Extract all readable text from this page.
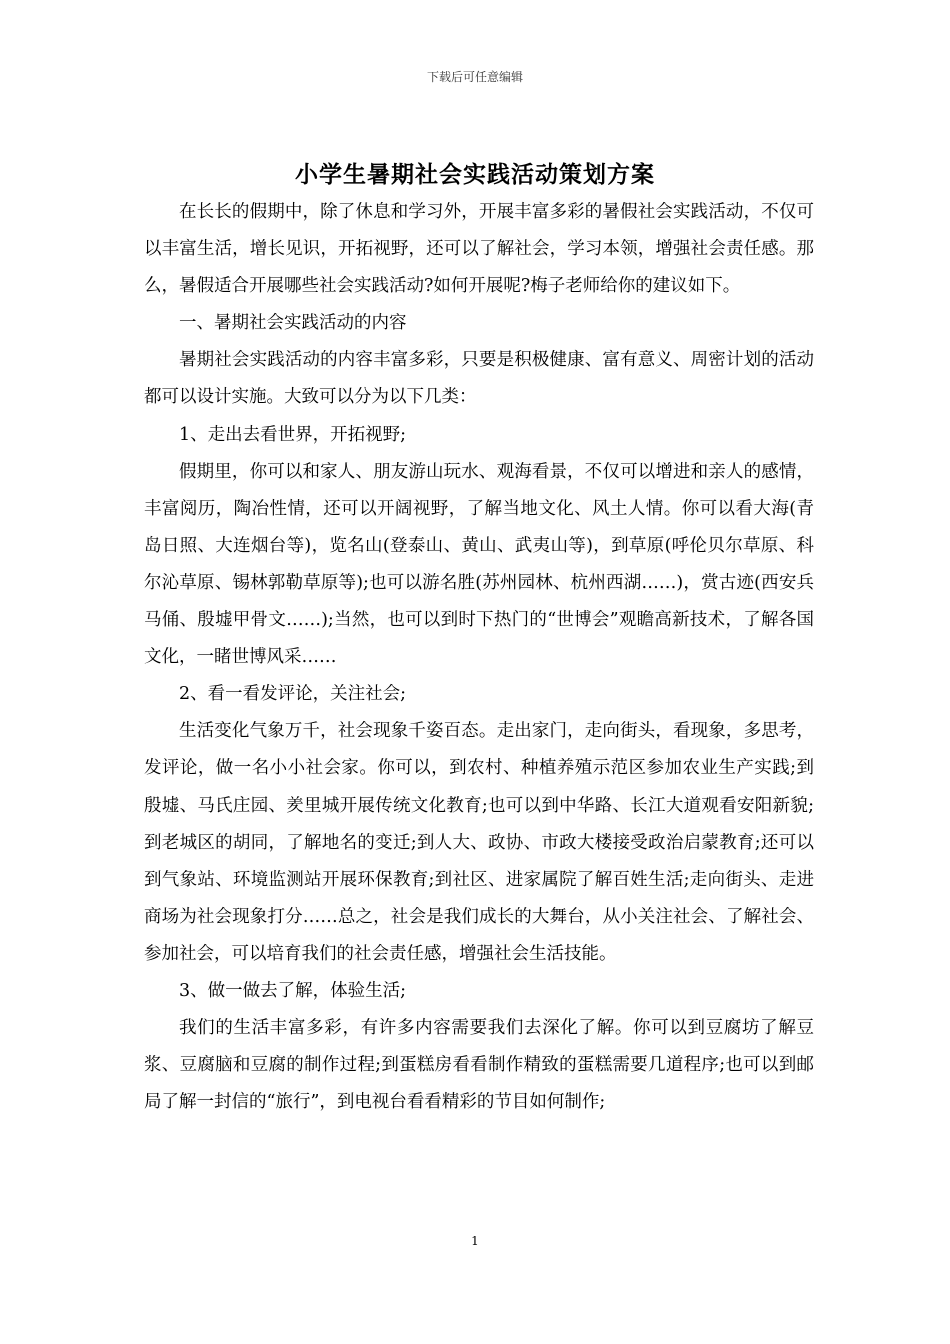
下载后可任意编辑
小学生暑期社会实践活动策划方案

在长长的假期中，除了休息和学习外，开展丰富多彩的暑假社会实践活动，不仅可以丰富生活，增长见识，开拓视野，还可以了解社会，学习本领，增强社会责任感。那么，暑假适合开展哪些社会实践活动?如何开展呢?梅子老师给你的建议如下。

一、暑期社会实践活动的内容

暑期社会实践活动的内容丰富多彩，只要是积极健康、富有意义、周密计划的活动都可以设计实施。大致可以分为以下几类：

1、走出去看世界，开拓视野;

假期里，你可以和家人、朋友游山玩水、观海看景，不仅可以增进和亲人的感情，丰富阅历，陶冶性情，还可以开阔视野，了解当地文化、风土人情。你可以看大海(青岛日照、大连烟台等)，览名山(登泰山、黄山、武夷山等)，到草原(呼伦贝尔草原、科尔沁草原、锡林郭勒草原等);也可以游名胜(苏州园林、杭州西湖……)，赏古迹(西安兵马俑、殷墟甲骨文……);当然，也可以到时下热门的“世博会”观瞻高新技术，了解各国文化，一睹世博风采……

2、看一看发评论，关注社会;

生活变化气象万千，社会现象千姿百态。走出家门，走向街头，看现象，多思考，发评论，做一名小小社会家。你可以，到农村、种植养殖示范区参加农业生产实践;到殷墟、马氏庄园、羑里城开展传统文化教育;也可以到中华路、长江大道观看安阳新貌;到老城区的胡同，了解地名的变迁;到人大、政协、市政大楼接受政治启蒙教育;还可以到气象站、环境监测站开展环保教育;到社区、进家属院了解百姓生活;走向街头、走进商场为社会现象打分……总之，社会是我们成长的大舞台，从小关注社会、了解社会、参加社会，可以培育我们的社会责任感，增强社会生活技能。

3、做一做去了解，体验生活;

我们的生活丰富多彩，有许多内容需要我们去深化了解。你可以到豆腐坊了解豆浆、豆腐脑和豆腐的制作过程;到蛋糕房看看制作精致的蛋糕需要几道程序;也可以到邮局了解一封信的“旅行”，到电视台看看精彩的节目如何制作;

1
